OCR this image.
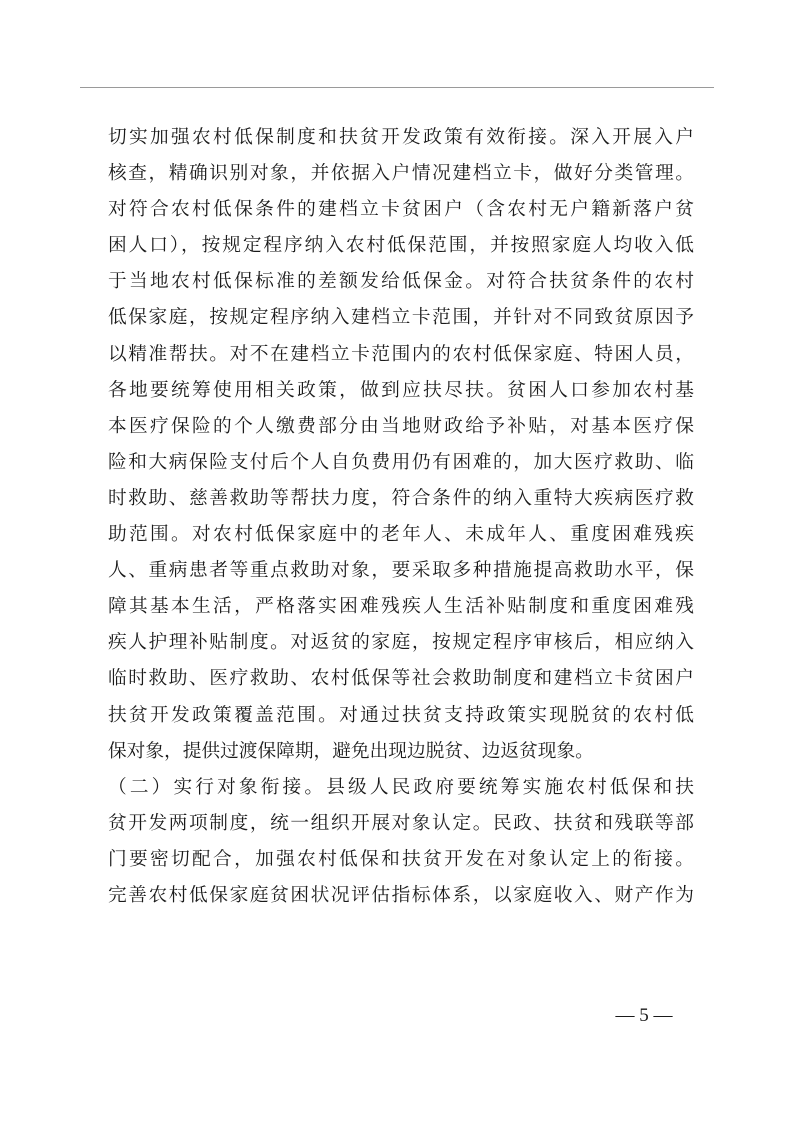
切实加强农村低保制度和扶贫开发政策有效衔接。深入开展入户
核查，精确识别对象，并依据入户情况建档立卡，做好分类管理。
对符合农村低保条件的建档立卡贫困户（含农村无户籍新落户贫
困人口），按规定程序纳入农村低保范围，并按照家庭人均收入低
于当地农村低保标准的差额发给低保金。对符合扶贫条件的农村
低保家庭，按规定程序纳入建档立卡范围，并针对不同致贫原因予
以精准帮扶。对不在建档立卡范围内的农村低保家庭、特困人员，
各地要统筹使用相关政策，做到应扶尽扶。贫困人口参加农村基
本医疗保险的个人缴费部分由当地财政给予补贴，对基本医疗保
险和大病保险支付后个人自负费用仍有困难的，加大医疗救助、临
时救助、慈善救助等帮扶力度，符合条件的纳入重特大疾病医疗救
助范围。对农村低保家庭中的老年人、未成年人、重度困难残疾
人、重病患者等重点救助对象，要采取多种措施提高救助水平，保
障其基本生活，严格落实困难残疾人生活补贴制度和重度困难残
疾人护理补贴制度。对返贫的家庭，按规定程序审核后，相应纳入
临时救助、医疗救助、农村低保等社会救助制度和建档立卡贫困户
扶贫开发政策覆盖范围。对通过扶贫支持政策实现脱贫的农村低
保对象，提供过渡保障期，避免出现边脱贫、边返贫现象。
（二）实行对象衔接。县级人民政府要统筹实施农村低保和扶
贫开发两项制度，统一组织开展对象认定。民政、扶贫和残联等部
门要密切配合，加强农村低保和扶贫开发在对象认定上的衔接。
完善农村低保家庭贫困状况评估指标体系，以家庭收入、财产作为
— 5 —
